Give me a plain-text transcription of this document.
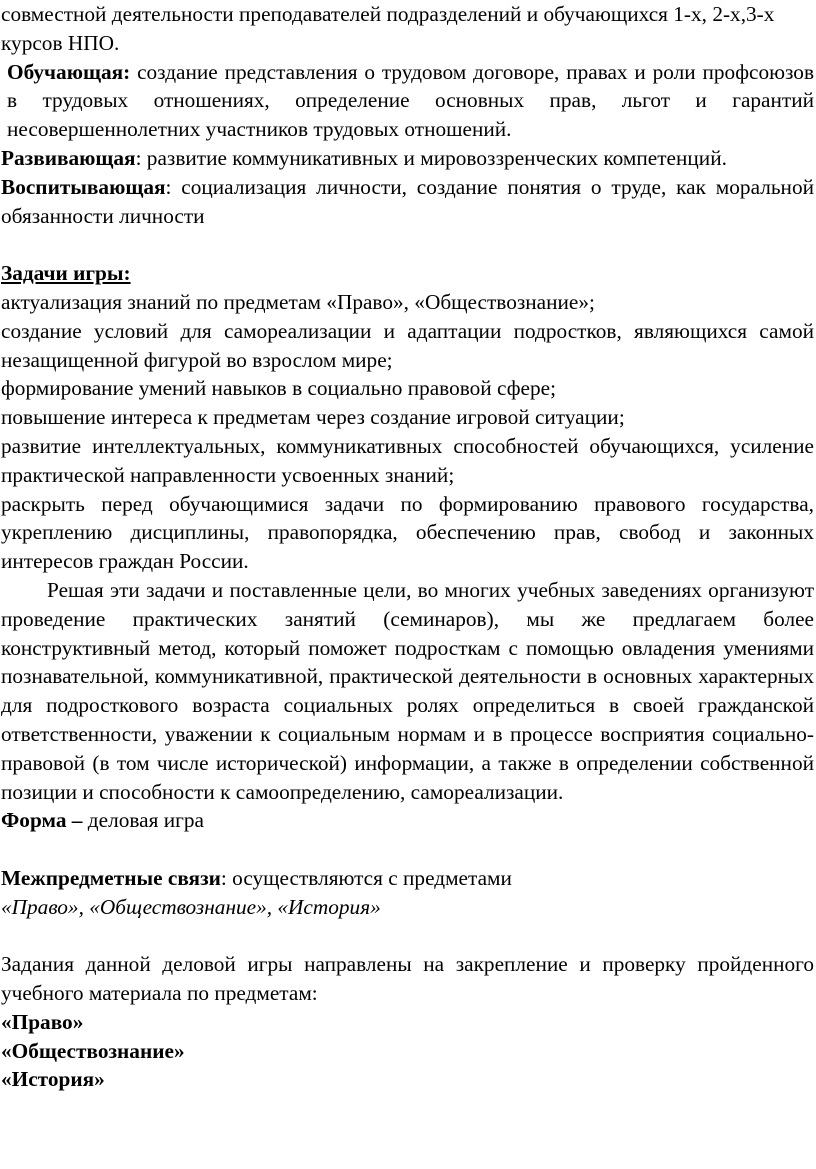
совместной деятельности преподавателей подразделений и обучающихся 1-х, 2-х,3-х курсов НПО.

Обучающая: создание представления о трудовом договоре, правах и роли профсоюзов в трудовых отношениях, определение основных прав, льгот и гарантий несовершеннолетних участников трудовых отношений.

Развивающая: развитие коммуникативных и мировоззренческих компетенций.

Воспитывающая: социализация личности, создание понятия о труде, как моральной обязанности личности

Задачи игры:

актуализация знаний по предметам «Право», «Обществознание»;

создание условий для самореализации и адаптации подростков, являющихся самой незащищенной фигурой во взрослом мире;

формирование умений навыков в социально правовой сфере;

повышение интереса к предметам через создание игровой ситуации;

развитие интеллектуальных, коммуникативных способностей обучающихся, усиление практической направленности усвоенных знаний;

раскрыть перед обучающимися задачи по формированию правового государства, укреплению дисциплины, правопорядка, обеспечению прав, свобод и законных интересов граждан России.

Решая эти задачи и поставленные цели, во многих учебных заведениях организуют проведение практических занятий (семинаров), мы же предлагаем более конструктивный метод, который поможет подросткам с помощью овладения умениями познавательной, коммуникативной, практической деятельности в основных характерных для подросткового возраста социальных ролях определиться в своей гражданской ответственности, уважении к социальным нормам и в процессе восприятия социально-правовой (в том числе исторической) информации, а также в определении собственной позиции и способности к самоопределению, самореализации.

Форма – деловая игра

Межпредметные связи: осуществляются с предметами

«Право», «Обществознание», «История»

Задания данной деловой игры направлены на закрепление и проверку пройденного учебного материала по предметам:

«Право»

«Обществознание»

«История»
